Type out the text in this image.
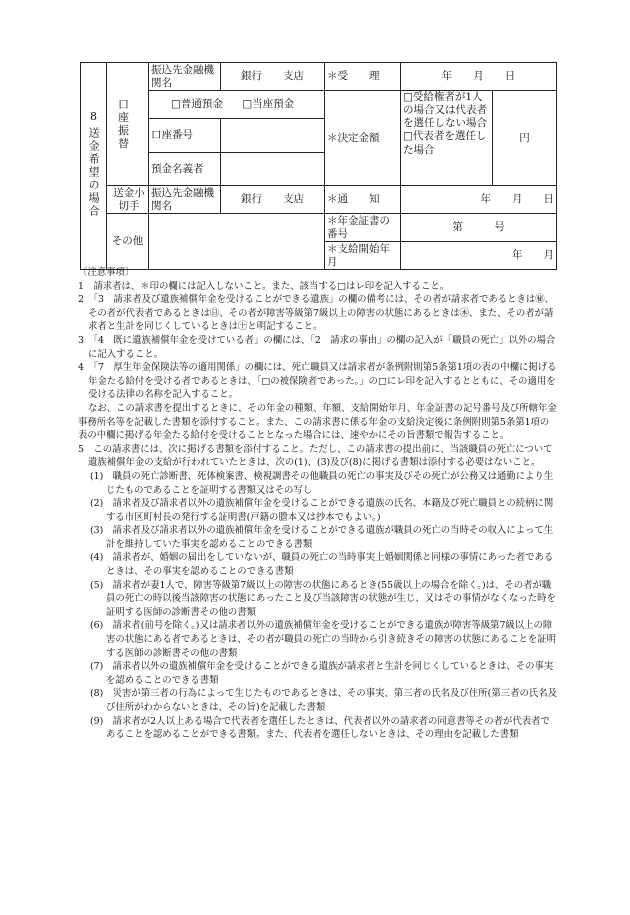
8
送金希望の場合	口座振替	振込先金融機関名	銀行　　支店	＊受　　理	年　　月　　日	
		□普通預金 □当座預金		＊決定金額	□受給権者が1人の場合又は代表者を選任しない場合□代表者を選任した場合	円
		口座番号				
		預金名義者				

	送金小切手	振込先金融機関名	銀行　　支店	＊通　　知	年　　月　　日	
	その他			＊年金証書の番号	第　　　号	
				＊支給開始年　　月	年　　月	

〔注意事項〕

1　請求者は、＊印の欄には記入しないこと。また、該当する□はレ印を記入すること。

2　「3　請求者及び遺族補償年金を受けることができる遺族」の欄の備考には、その者が請求者であるときは㊙、その者が代表者であるときは㊐、その者が障害等級第7級以上の障害の状態にあるときは㊍、また、その者が請求者と生計を同じくしているときは㊉と明記すること。

3　「4　既に遺族補償年金を受けている者」の欄には、「2　請求の事由」の欄の記入が「職員の死亡」以外の場合に記入すること。

4　「7　厚生年金保険法等の適用関係」の欄には、死亡職員又は請求者が条例附則第5条第1項の表の中欄に掲げる年金たる給付を受ける者であるときは、「□の被保険者であった。」の□にレ印を記入するとともに、その適用を受ける法律の名称を記入すること。

なお、この請求書を提出するときに、その年金の種類、年額、支給開始年月、年金証書の記号番号及び所轄年金事務所名等を記載した書類を添付すること。また、この請求書に係る年金の支給決定後に条例附則第5条第1項の表の中欄に掲げる年金たる給付を受けることとなった場合には、速やかにその旨書類で報告すること。

5　この請求書には、次に掲げる書類を添付すること。ただし、この請求書の提出前に、当該職員の死亡について遺族補償年金の支給が行われていたときは、次の(1)、(3)及び(8)に掲げる書類は添付する必要はないこと。

(1)　職員の死亡診断書、死体検案書、検視調書その他職員の死亡の事実及びその死亡が公務又は通勤により生じたものであることを証明する書類又はその写し

(2)　請求者及び請求者以外の遺族補償年金を受けることができる遺族の氏名、本籍及び死亡職員との続柄に関する市区町村長の発行する証明書(戸籍の謄本又は抄本でもよい。)

(3)　請求者及び請求者以外の遺族補償年金を受けることができる遺族が職員の死亡の当時その収入によって生計を維持していた事実を認めることのできる書類

(4)　請求者が、婚姻の届出をしていないが、職員の死亡の当時事実上婚姻関係と同様の事情にあった者であるときは、その事実を認めることのできる書類

(5)　請求者が妻1人で、障害等級第7級以上の障害の状態にあるとき(55歳以上の場合を除く。)は、その者が職員の死亡の時以後当該障害の状態にあったこと及び当該障害の状態が生じ、又はその事情がなくなった時を証明する医師の診断書その他の書類

(6)　請求者(前号を除く。)又は請求者以外の遺族補償年金を受けることができる遺族が障害等級第7級以上の障害の状態にある者であるときは、その者が職員の死亡の当時から引き続きその障害の状態にあることを証明する医師の診断書その他の書類

(7)　請求者以外の遺族補償年金を受けることができる遺族が請求者と生計を同じくしているときは、その事実を認めることのできる書類

(8)　災害が第三者の行為によって生じたものであるときは、その事実、第三者の氏名及び住所(第三者の氏名及び住所がわからないときは、その旨)を記載した書類

(9)　請求者が2人以上ある場合で代表者を選任したときは、代表者以外の請求者の同意書等その者が代表者であることを認めることができる書類。また、代表者を選任しないときは、その理由を記載した書類
